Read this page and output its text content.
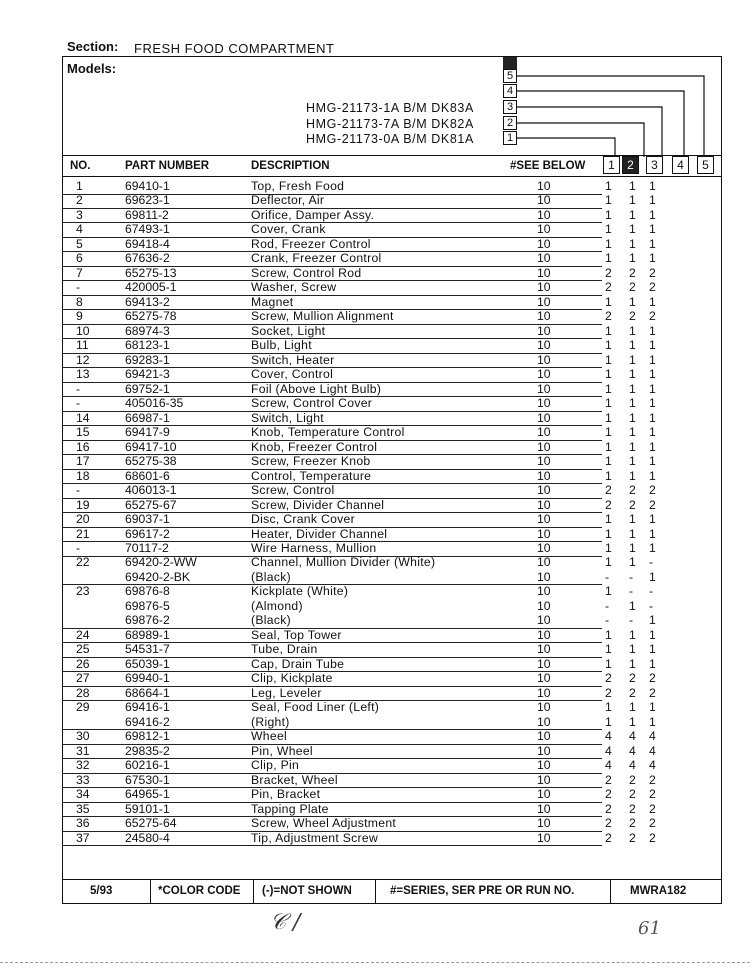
Section: FRESH FOOD COMPARTMENT
Models:	5
4
3
2
1
HMG-21173-1A B/M DK83A
HMG-21173-7A B/M DK82A
HMG-21173-0A B/M DK81A
NO.	PART NUMBER	DESCRIPTION	#SEE BELOW	1	2	3	4	5
1	69410-1	Top, Fresh Food	10	1 1 1
2	69623-1	Deflector, Air	10	1 1 1
3	69811-2	Orifice, Damper Assy.	10	1 1 1
4	67493-1	Cover, Crank	10	1 1 1
5	69418-4	Rod, Freezer Control	10	1 1 1
6	67636-2	Crank, Freezer Control	10	1 1 1
7	65275-13	Screw, Control Rod	10	2 2 2
-	420005-1	Washer, Screw	10	2 2 2
8	69413-2	Magnet	10	1 1 1
9	65275-78	Screw, Mullion Alignment	10	2 2 2
10	68974-3	Socket, Light	10	1 1 1
11	68123-1	Bulb, Light	10	1 1 1
12	69283-1	Switch, Heater	10	1 1 1
13	69421-3	Cover, Control	10	1 1 1
-	69752-1	Foil (Above Light Bulb)	10	1 1 1
-	405016-35	Screw, Control Cover	10	1 1 1
14	66987-1	Switch, Light	10	1 1 1
15	69417-9	Knob, Temperature Control	10	1 1 1
16	69417-10	Knob, Freezer Control	10	1 1 1
17	65275-38	Screw, Freezer Knob	10	1 1 1
18	68601-6	Control, Temperature	10	1 1 1
-	406013-1	Screw, Control	10	2 2 2
19	65275-67	Screw, Divider Channel	10	2 2 2
20	69037-1	Disc, Crank Cover	10	1 1 1
21	69617-2	Heater, Divider Channel	10	1 1 1
-	70117-2	Wire Harness, Mullion	10	1 1 1
22	69420-2-WW	Channel, Mullion Divider (White)	10	1 1 -
69420-2-BK	(Black)	10	- - 1
23	69876-8	Kickplate (White)	10	1 - -
69876-5	(Almond)	10	- 1 -
69876-2	(Black)	10	- - 1
24	68989-1	Seal, Top Tower	10	1 1 1
25	54531-7	Tube, Drain	10	1 1 1
26	65039-1	Cap, Drain Tube	10	1 1 1
27	69940-1	Clip, Kickplate	10	2 2 2
28	68664-1	Leg, Leveler	10	2 2 2
29	69416-1	Seal, Food Liner (Left)	10	1 1 1
69416-2	(Right)	10	1 1 1
30	69812-1	Wheel	10	4 4 4
31	29835-2	Pin, Wheel	10	4 4 4
32	60216-1	Clip, Pin	10	4 4 4
33	67530-1	Bracket, Wheel	10	2 2 2
34	64965-1	Pin, Bracket	10	2 2 2
35	59101-1	Tapping Plate	10	2 2 2
36	65275-64	Screw, Wheel Adjustment	10	2 2 2
37	24580-4	Tip, Adjustment Screw	10	2 2 2
5/93	*COLOR CODE (-)=NOT SHOWN	#=SERIES, SER PRE OR RUN NO.	MWRA182
𝒞 ∕	61
